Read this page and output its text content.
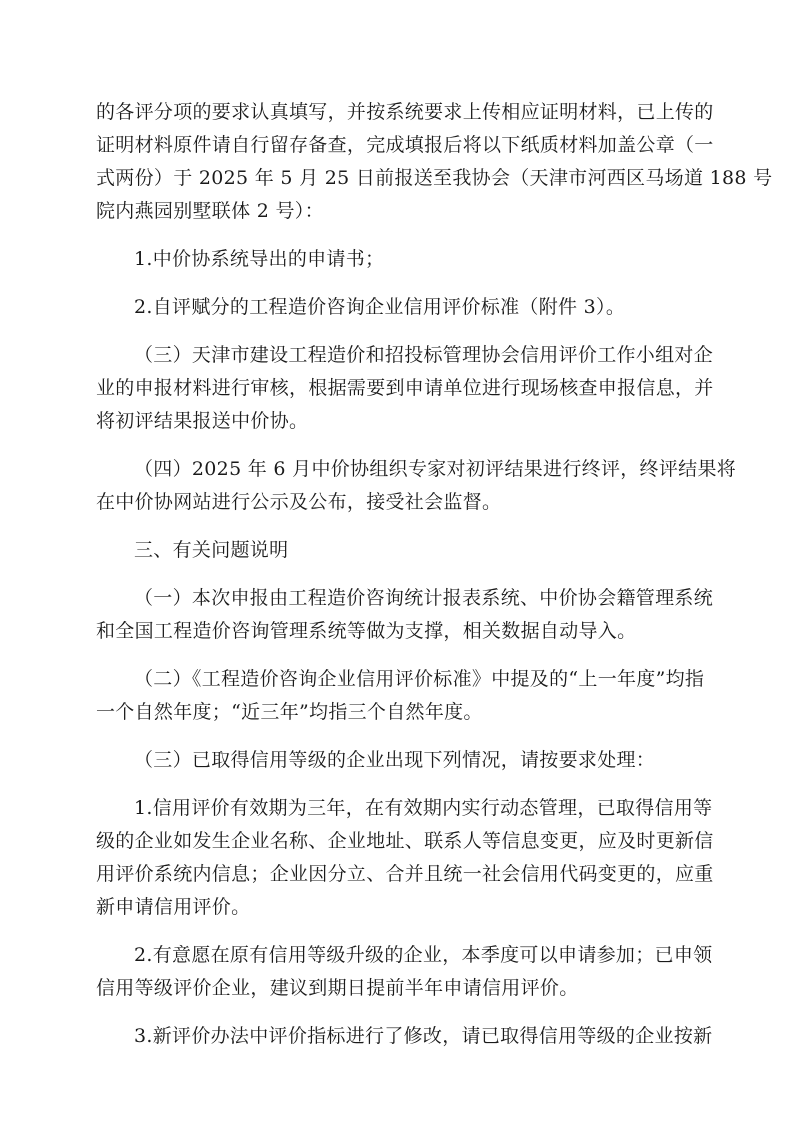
的各评分项的要求认真填写，并按系统要求上传相应证明材料，已上传的
证明材料原件请自行留存备查，完成填报后将以下纸质材料加盖公章（一
式两份）于 2025 年 5 月 25 日前报送至我协会（天津市河西区马场道 188 号
院内燕园别墅联体 2 号）：
1.中价协系统导出的申请书；
2.自评赋分的工程造价咨询企业信用评价标准（附件 3）。
（三）天津市建设工程造价和招投标管理协会信用评价工作小组对企
业的申报材料进行审核，根据需要到申请单位进行现场核查申报信息，并
将初评结果报送中价协。
（四）2025 年 6 月中价协组织专家对初评结果进行终评，终评结果将
在中价协网站进行公示及公布，接受社会监督。
三、有关问题说明
（一）本次申报由工程造价咨询统计报表系统、中价协会籍管理系统
和全国工程造价咨询管理系统等做为支撑，相关数据自动导入。
（二）《工程造价咨询企业信用评价标准》中提及的“上一年度”均指
一个自然年度；“近三年”均指三个自然年度。
（三）已取得信用等级的企业出现下列情况，请按要求处理：
1.信用评价有效期为三年，在有效期内实行动态管理，已取得信用等
级的企业如发生企业名称、企业地址、联系人等信息变更，应及时更新信
用评价系统内信息；企业因分立、合并且统一社会信用代码变更的，应重
新申请信用评价。
2.有意愿在原有信用等级升级的企业，本季度可以申请参加；已申领
信用等级评价企业，建议到期日提前半年申请信用评价。
3.新评价办法中评价指标进行了修改，请已取得信用等级的企业按新
